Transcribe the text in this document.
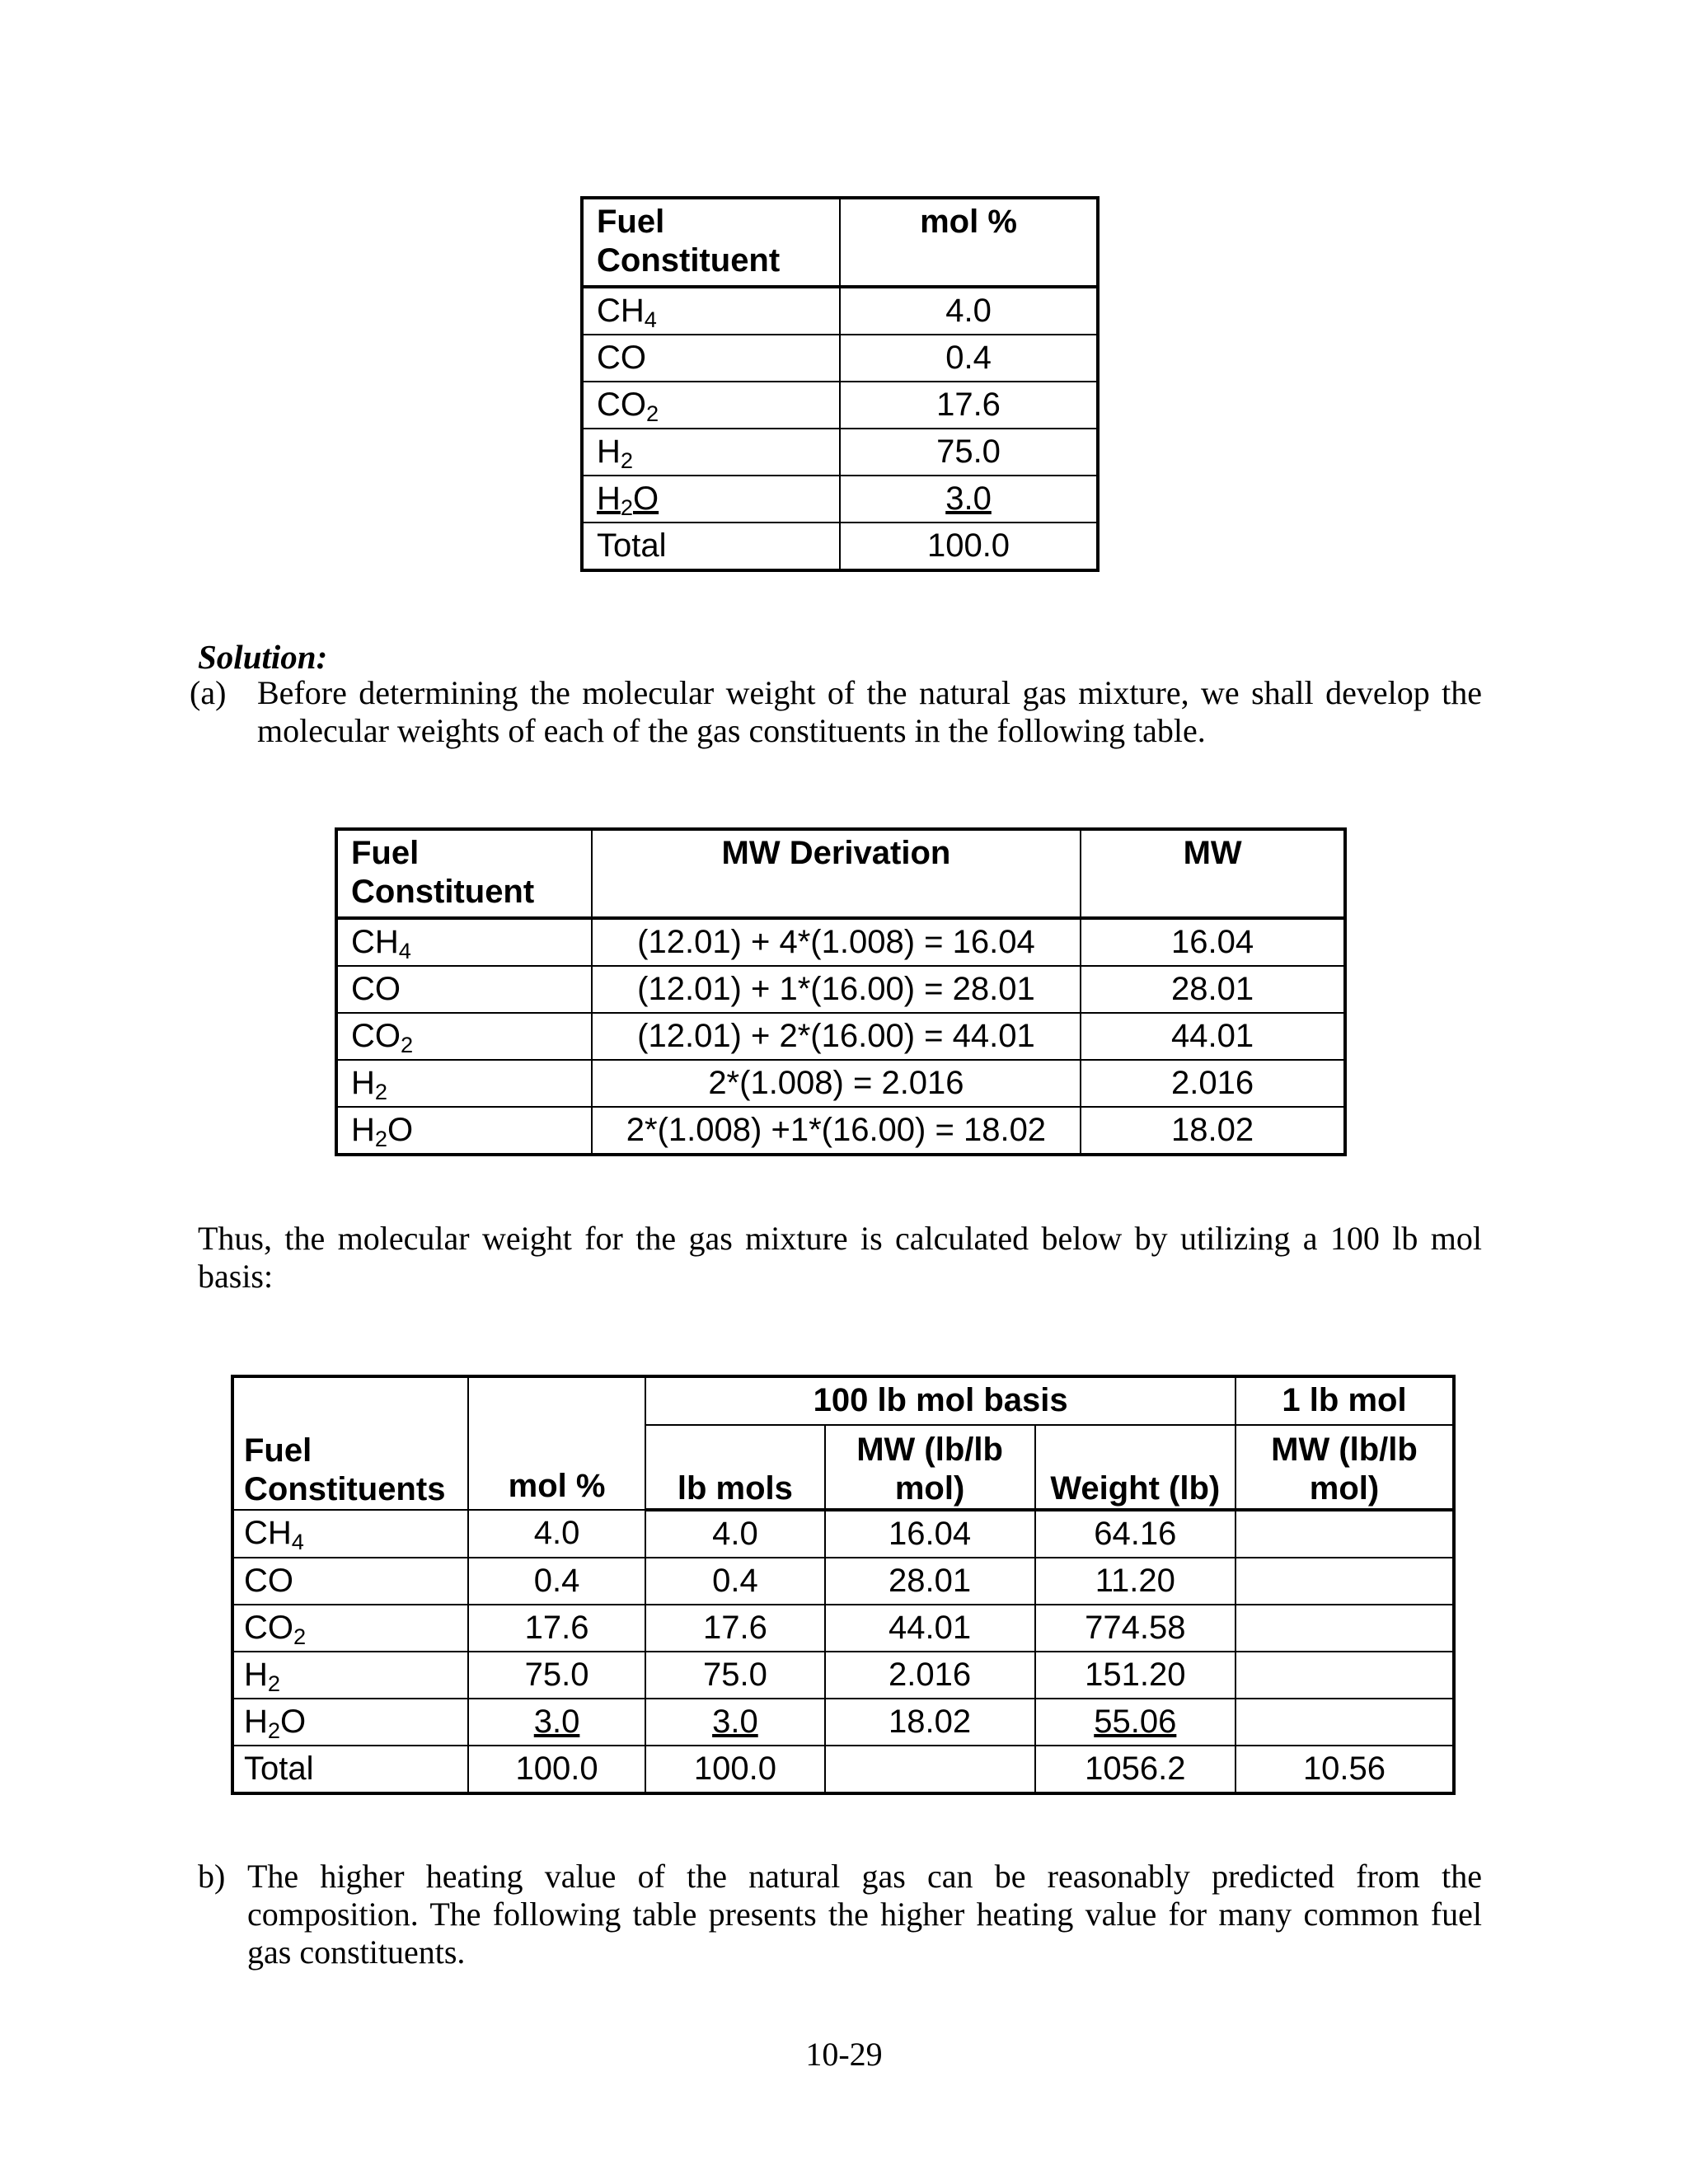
Fuel Constituent	mol %
$CH_4$	4.0
CO	0.4
$CO_2$	17.6
$H_2$	75.0
$H_2O$	3.0
Total	100.0
Solution:
(a) Before determining the molecular weight of the natural gas mixture, we shall develop the molecular weights of each of the gas constituents in the following table.
Fuel Constituent	MW Derivation	MW
$CH_4$	(12.01) + 4*(1.008) = 16.04	16.04
CO	(12.01) + 1*(16.00) = 28.01	28.01
$CO_2$	(12.01) + 2*(16.00) = 44.01	44.01
$H_2$	2*(1.008) = 2.016	2.016
$H_2O$	2*(1.008) +1*(16.00) = 18.02	18.02
Thus, the molecular weight for the gas mixture is calculated below by utilizing a 100 lb mol basis:
Fuel Constituents	mol %	100 lb mol basis			1 lb mol
		lb mols	MW (lb/lb mol)	Weight (lb)	MW (lb/lb mol)
$CH_4$	4.0	4.0	16.04	64.16	
CO	0.4	0.4	28.01	11.20	
$CO_2$	17.6	17.6	44.01	774.58	
$H_2$	75.0	75.0	2.016	151.20	
$H_2O$	3.0	3.0	18.02	55.06	
Total	100.0	100.0		1056.2	10.56
b) The higher heating value of the natural gas can be reasonably predicted from the composition. The following table presents the higher heating value for many common fuel gas constituents.
10-29
